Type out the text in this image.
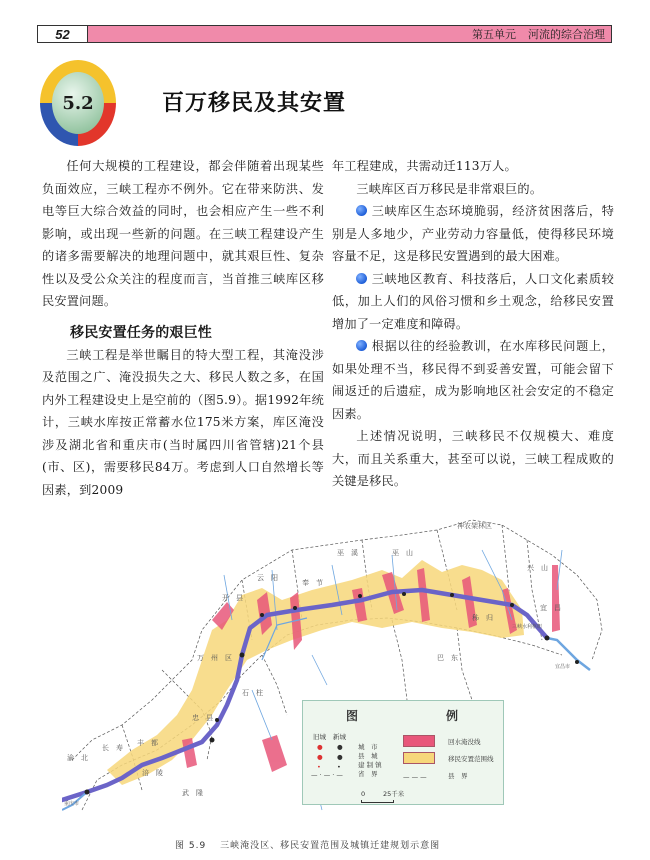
52	第五单元 河流的综合治理
5.2	百万移民及其安置

任何大规模的工程建设，都会伴随着出现某些负面效应，三峡工程亦不例外。它在带来防洪、发电等巨大综合效益的同时，也会相应产生一些不利影响，或出现一些新的问题。在三峡工程建设产生的诸多需要解决的地理问题中，就其艰巨性、复杂性以及受公众关注的程度而言，当首推三峡库区移民安置问题。

移民安置任务的艰巨性

三峡工程是举世瞩目的特大型工程，其淹没涉及范围之广、淹没损失之大、移民人数之多，在国内外工程建设史上是空前的（图5.9）。据1992年统计，三峡水库按正常蓄水位175米方案，库区淹没涉及湖北省和重庆市(当时属四川省管辖)21个县(市、区)，需要移民84万。考虑到人口自然增长等因素，到2009

年工程建成，共需动迁113万人。

三峡库区百万移民是非常艰巨的。

三峡库区生态环境脆弱，经济贫困落后，特别是人多地少，产业劳动力容量低，使得移民环境容量不足，这是移民安置遇到的最大困难。

三峡地区教育、科技落后，人口文化素质较低，加上人们的风俗习惯和乡土观念，给移民安置增加了一定难度和障碍。

根据以往的经验教训，在水库移民问题上，如果处理不当，移民得不到妥善安置，可能会留下闹返迁的后遗症，成为影响地区社会安定的不稳定因素。

上述情况说明，三峡移民不仅规模大、难度大，而且关系重大，甚至可以说，三峡工程成败的关键是移民。

神农架林区
宜　昌
宜昌市
三峡水利枢纽
秭　归
巴　东
兴　山
巫　山
巫　溪
奉　节
云　阳
开　县
万　州　区
忠　县
石　柱
丰　都
武　隆
涪　陵
长　寿
渝　北
重庆市
图	例
旧城 新城
● ●
● ●
• •
— · — · —
城　市
县　城
建 制 镇
省　界	— — —
回水淹没线
移民安置范围线
县　界
0	25千米
图 5.9 三峡淹没区、移民安置范围及城镇迁建规划示意图
